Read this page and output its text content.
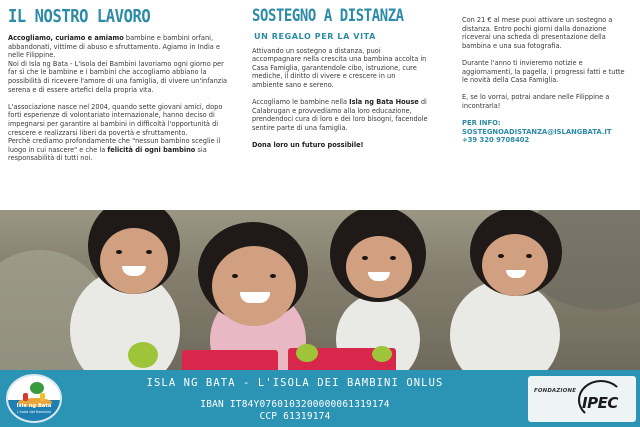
IL NOSTRO LAVORO

Accogliamo, curiamo e amiamo bambine e bambini orfani, abbandonati, vittime di abuso e sfruttamento. Agiamo in India e nelle Filippine.
Noi di Isla ng Bata - L'isola dei Bambini lavoriamo ogni giorno per far sì che le bambine e i bambini che accogliamo abbiano la possibilità di ricevere l'amore di una famiglia, di vivere un'infanzia serena e di essere artefici della propria vita.

L'associazione nasce nel 2004, quando sette giovani amici, dopo forti esperienze di volontariato internazionale, hanno deciso di impegnarsi per garantire ai bambini in difficoltà l'opportunità di crescere e realizzarsi liberi da povertà e sfruttamento.
Perchè crediamo profondamente che "nessun bambino sceglie il luogo in cui nascere" e che la felicità di ogni bambino sia responsabilità di tutti noi.

SOSTEGNO A DISTANZA
UN REGALO PER LA VITA

Attivando un sostegno a distanza, puoi accompagnare nella crescita una bambina accolta in Casa Famiglia, garantendole cibo, istruzione, cure mediche, il diritto di vivere e crescere in un ambiente sano e sereno.

Accogliamo le bambine nella Isla ng Bata House di Calabrugan e provvediamo alla loro educazione, prendendoci cura di loro e dei loro bisogni, facendole sentire parte di una famiglia.

Dona loro un futuro possibile!

Con 21 € al mese puoi attivare un sostegno a distanza. Entro pochi giorni dalla donazione riceverai una scheda di presentazione della bambina e una sua fotografia.

Durante l'anno ti invieremo notizie e aggiornamenti, la pagella, i progressi fatti e tutte le novità della Casa Famiglia.

E, se lo vorrai, potrai andare nelle Filippine a incontrarla!

PER INFO:
SOSTEGNOADISTANZA@ISLANGBATA.IT
+39 320 9708402
Isla ng Bata
L'isola dei Bambini
ISLA NG BATA - L'ISOLA DEI BAMBINI ONLUS
IBAN IT84Y0760103200000061319174
CCP 61319174
FONDAZIONE
IPEC
